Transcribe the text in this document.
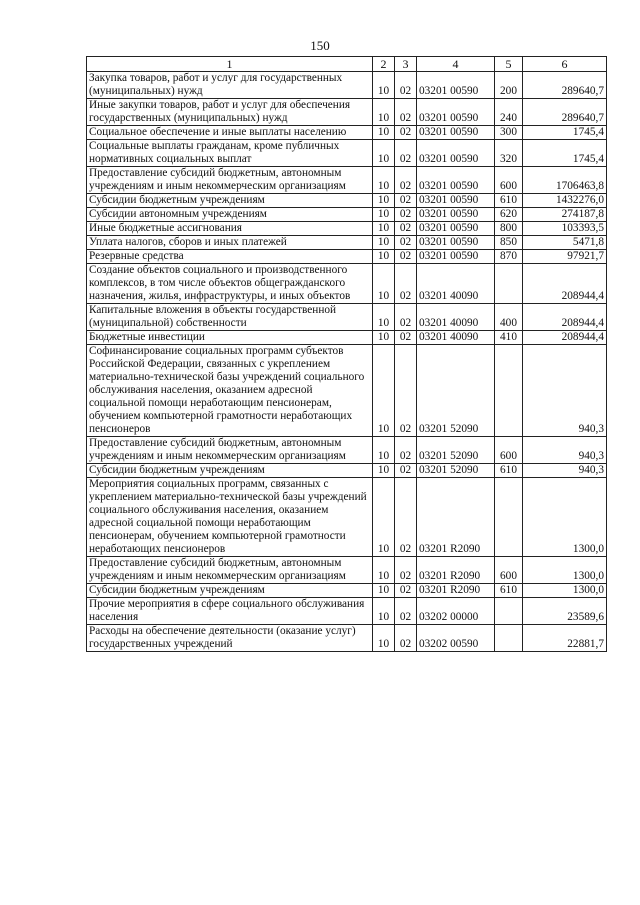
150
1	2	3	4	5	6
Закупка товаров, работ и услуг для государственных (муниципальных) нужд	10	02	03201 00590	200	289640,7
Иные закупки товаров, работ и услуг для обеспечения государственных (муниципальных) нужд	10	02	03201 00590	240	289640,7
Социальное обеспечение и иные выплаты населению	10	02	03201 00590	300	1745,4
Социальные выплаты гражданам, кроме публичных нормативных социальных выплат	10	02	03201 00590	320	1745,4
Предоставление субсидий бюджетным, автономным учреждениям и иным некоммерческим организациям	10	02	03201 00590	600	1706463,8
Субсидии бюджетным учреждениям	10	02	03201 00590	610	1432276,0
Субсидии автономным учреждениям	10	02	03201 00590	620	274187,8
Иные бюджетные ассигнования	10	02	03201 00590	800	103393,5
Уплата налогов, сборов и иных платежей	10	02	03201 00590	850	5471,8
Резервные средства	10	02	03201 00590	870	97921,7
Создание объектов социального и производственного комплексов, в том числе объектов общегражданского назначения, жилья, инфраструктуры, и иных объектов	10	02	03201 40090		208944,4
Капитальные вложения в объекты государственной (муниципальной) собственности	10	02	03201 40090	400	208944,4
Бюджетные инвестиции	10	02	03201 40090	410	208944,4
Софинансирование социальных программ субъектов Российской Федерации, связанных с укреплением материально-технической базы учреждений социального обслуживания населения, оказанием адресной социальной помощи неработающим пенсионерам, обучением компьютерной грамотности неработающих пенсионеров	10	02	03201 52090		940,3
Предоставление субсидий бюджетным, автономным учреждениям и иным некоммерческим организациям	10	02	03201 52090	600	940,3
Субсидии бюджетным учреждениям	10	02	03201 52090	610	940,3
Мероприятия социальных программ, связанных с укреплением материально-технической базы учреждений социального обслуживания населения, оказанием адресной социальной помощи неработающим пенсионерам, обучением компьютерной грамотности неработающих пенсионеров	10	02	03201 R2090		1300,0
Предоставление субсидий бюджетным, автономным учреждениям и иным некоммерческим организациям	10	02	03201 R2090	600	1300,0
Субсидии бюджетным учреждениям	10	02	03201 R2090	610	1300,0
Прочие мероприятия в сфере социального обслуживания населения	10	02	03202 00000		23589,6
Расходы на обеспечение деятельности (оказание услуг) государственных учреждений	10	02	03202 00590		22881,7
